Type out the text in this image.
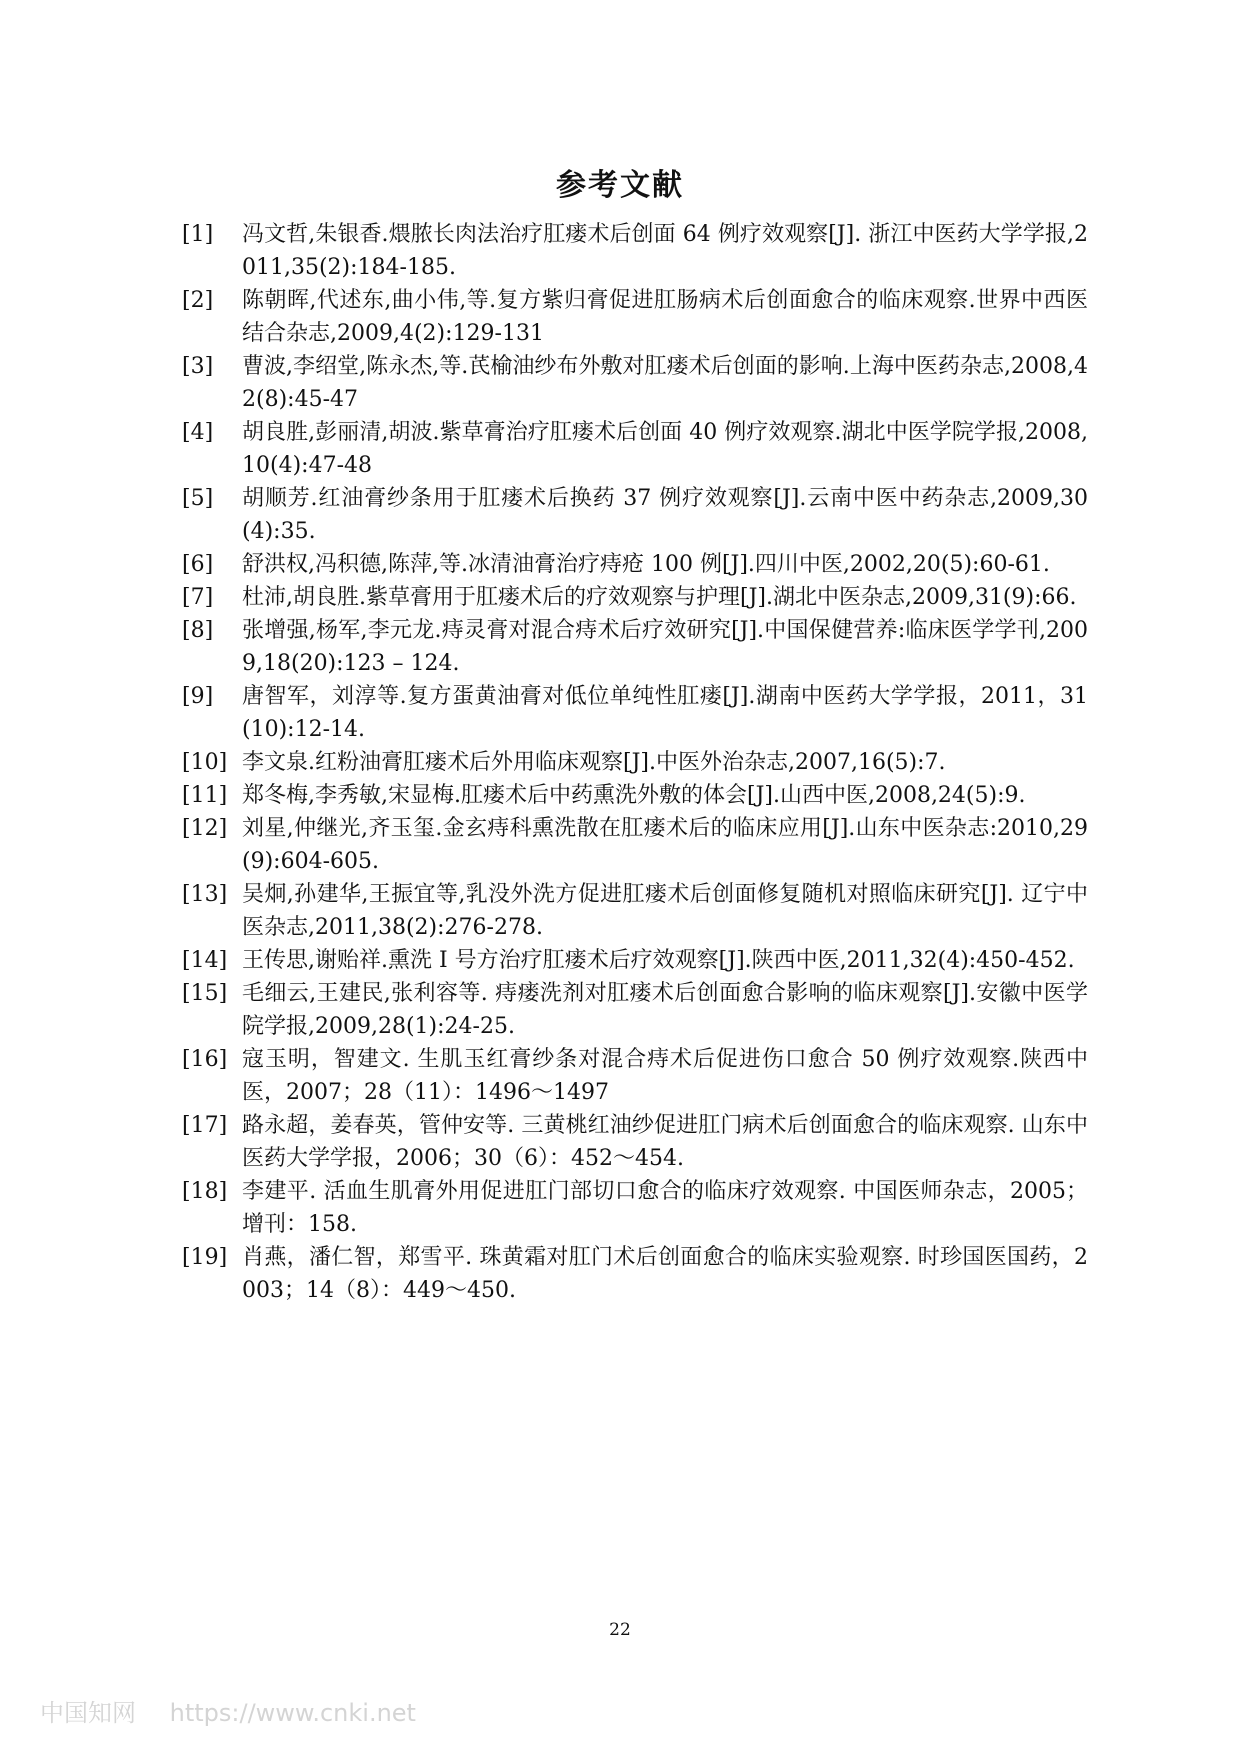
参考文献
[1]	冯文哲,朱银香.煨脓长肉法治疗肛瘘术后创面 64 例疗效观察[J]. 浙江中医药大学学报,2011,35(2):184-185.
[2]	陈朝晖,代述东,曲小伟,等.复方紫归膏促进肛肠病术后创面愈合的临床观察.世界中西医结合杂志,2009,4(2):129-131
[3]	曹波,李绍堂,陈永杰,等.芪榆油纱布外敷对肛瘘术后创面的影响.上海中医药杂志,2008,42(8):45-47
[4]	胡良胜,彭丽清,胡波.紫草膏治疗肛瘘术后创面 40 例疗效观察.湖北中医学院学报,2008,10(4):47-48
[5]	胡顺芳.红油膏纱条用于肛瘘术后换药 37 例疗效观察[J].云南中医中药杂志,2009,30(4):35.
[6]	舒洪权,冯积德,陈萍,等.冰清油膏治疗痔疮 100 例[J].四川中医,2002,20(5):60-61.
[7]	杜沛,胡良胜.紫草膏用于肛瘘术后的疗效观察与护理[J].湖北中医杂志,2009,31(9):66.
[8]	张增强,杨军,李元龙.痔灵膏对混合痔术后疗效研究[J].中国保健营养:临床医学学刊,2009,18(20):123 – 124.
[9]	唐智军，刘淳等.复方蛋黄油膏对低位单纯性肛瘘[J].湖南中医药大学学报，2011，31(10):12-14.
[10] 李文泉.红粉油膏肛瘘术后外用临床观察[J].中医外治杂志,2007,16(5):7.
[11] 郑冬梅,李秀敏,宋显梅.肛瘘术后中药熏洗外敷的体会[J].山西中医,2008,24(5):9.
[12] 刘星,仲继光,齐玉玺.金玄痔科熏洗散在肛瘘术后的临床应用[J].山东中医杂志:2010,29(9):604-605.
[13] 吴炯,孙建华,王振宜等,乳没外洗方促进肛瘘术后创面修复随机对照临床研究[J]. 辽宁中医杂志,2011,38(2):276-278.
[14] 王传思,谢贻祥.熏洗 I 号方治疗肛瘘术后疗效观察[J].陕西中医,2011,32(4):450-452.
[15] 毛细云,王建民,张利容等. 痔瘘洗剂对肛瘘术后创面愈合影响的临床观察[J].安徽中医学院学报,2009,28(1):24-25.
[16] 寇玉明，智建文. 生肌玉红膏纱条对混合痔术后促进伤口愈合 50 例疗效观察.陕西中医，2007；28（11）：1496～1497
[17] 路永超，姜春英，管仲安等. 三黄桃红油纱促进肛门病术后创面愈合的临床观察. 山东中医药大学学报，2006；30（6）：452～454.
[18] 李建平. 活血生肌膏外用促进肛门部切口愈合的临床疗效观察. 中国医师杂志，2005；增刊：158.
[19] 肖燕，潘仁智，郑雪平. 珠黄霜对肛门术后创面愈合的临床实验观察. 时珍国医国药，2003；14（8）：449～450.
22
中国知网 https://www.cnki.net
